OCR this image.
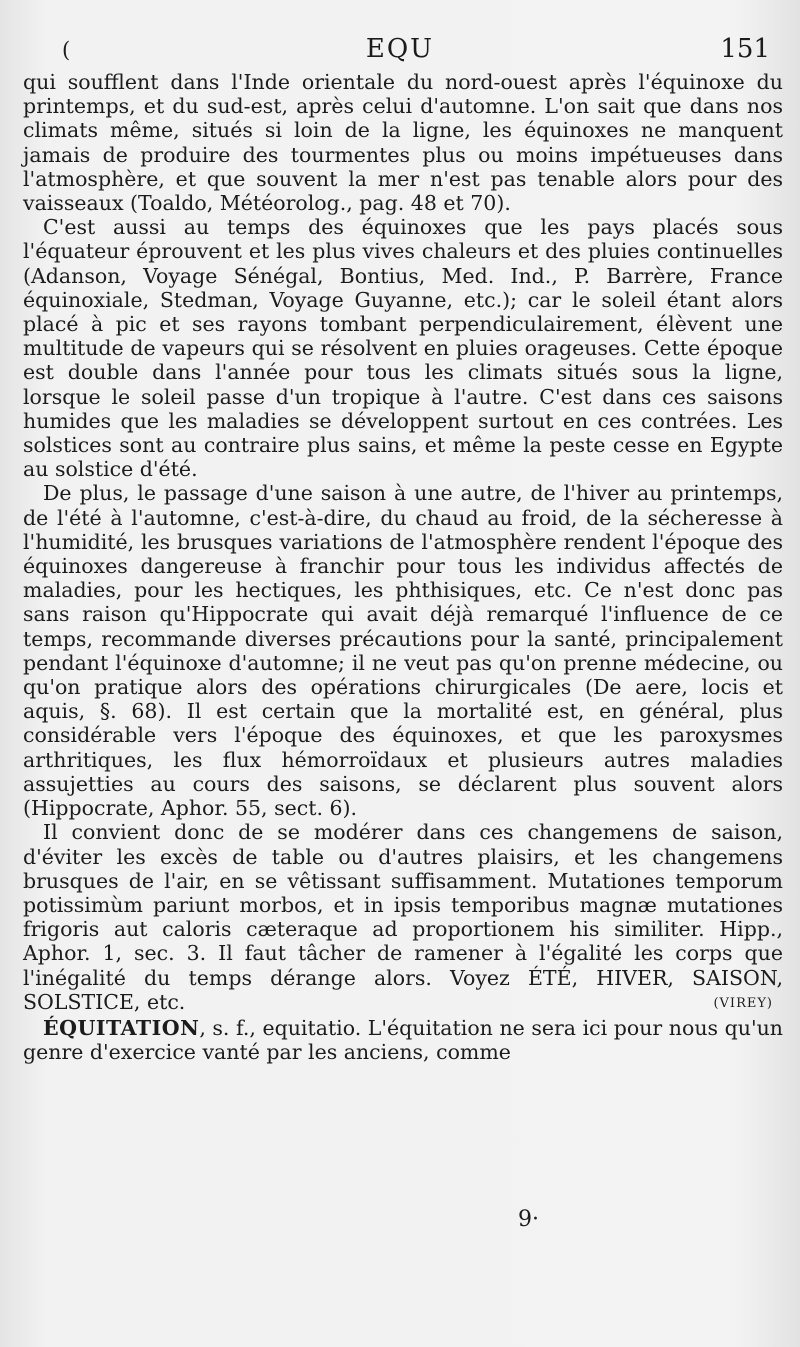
(	EQU	151

qui soufflent dans l'Inde orientale du nord-ouest après l'équinoxe du printemps, et du sud-est, après celui d'automne. L'on sait que dans nos climats même, situés si loin de la ligne, les équinoxes ne manquent jamais de produire des tourmentes plus ou moins impétueuses dans l'atmosphère, et que souvent la mer n'est pas tenable alors pour des vaisseaux (Toaldo, Météorolog., pag. 48 et 70).

C'est aussi au temps des équinoxes que les pays placés sous l'équateur éprouvent et les plus vives chaleurs et des pluies continuelles (Adanson, Voyage Sénégal, Bontius, Med. Ind., P. Barrère, France équinoxiale, Stedman, Voyage Guyanne, etc.); car le soleil étant alors placé à pic et ses rayons tombant perpendiculairement, élèvent une multitude de vapeurs qui se résolvent en pluies orageuses. Cette époque est double dans l'année pour tous les climats situés sous la ligne, lorsque le soleil passe d'un tropique à l'autre. C'est dans ces saisons humides que les maladies se développent surtout en ces contrées. Les solstices sont au contraire plus sains, et même la peste cesse en Egypte au solstice d'été.

De plus, le passage d'une saison à une autre, de l'hiver au printemps, de l'été à l'automne, c'est-à-dire, du chaud au froid, de la sécheresse à l'humidité, les brusques variations de l'atmosphère rendent l'époque des équinoxes dangereuse à franchir pour tous les individus affectés de maladies, pour les hectiques, les phthisiques, etc. Ce n'est donc pas sans raison qu'Hippocrate qui avait déjà remarqué l'influence de ce temps, recommande diverses précautions pour la santé, principalement pendant l'équinoxe d'automne; il ne veut pas qu'on prenne médecine, ou qu'on pratique alors des opérations chirurgicales (De aere, locis et aquis, §. 68). Il est certain que la mortalité est, en général, plus considérable vers l'époque des équinoxes, et que les paroxysmes arthritiques, les flux hémorroïdaux et plusieurs autres maladies assujetties au cours des saisons, se déclarent plus souvent alors (Hippocrate, Aphor. 55, sect. 6).

Il convient donc de se modérer dans ces changemens de saison, d'éviter les excès de table ou d'autres plaisirs, et les changemens brusques de l'air, en se vêtissant suffisamment. Mutationes temporum potissimùm pariunt morbos, et in ipsis temporibus magnæ mutationes frigoris aut caloris cæteraque ad proportionem his similiter. Hipp., Aphor. 1, sec. 3. Il faut tâcher de ramener à l'égalité les corps que l'inégalité du temps dérange alors. Voyez ÉTÉ, HIVER, SAISON, SOLSTICE, etc.	(VIREY)

ÉQUITATION, s. f., equitatio. L'équitation ne sera ici pour nous qu'un genre d'exercice vanté par les anciens, comme

9·
